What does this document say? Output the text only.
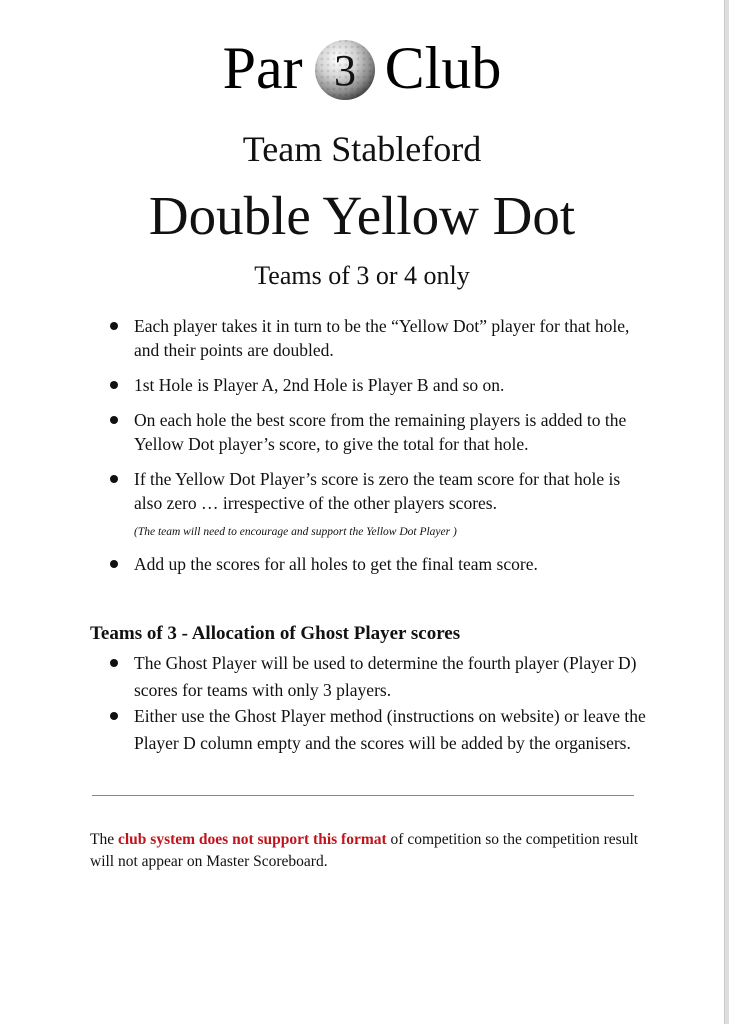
Par 3 Club
Team Stableford
Double Yellow Dot
Teams of 3 or 4 only
Each player takes it in turn to be the “Yellow Dot” player for that hole, and their points are doubled.
1st Hole is Player A, 2nd Hole is Player B and so on.
On each hole the best score from the remaining players is added to the Yellow Dot player’s score, to give the total for that hole.
If the Yellow Dot Player’s score is zero the team score for that hole is also zero … irrespective of the other players scores.
(The team will need to encourage and support the Yellow Dot Player )
Add up the scores for all holes to get the final team score.
Teams of 3 - Allocation of Ghost Player scores
The Ghost Player will be used to determine the fourth player (Player D) scores for teams with only 3 players.
Either use the Ghost Player method (instructions on website) or leave the Player D column empty and the scores will be added by the organisers.
The club system does not support this format of competition so the competition result will not appear on Master Scoreboard.
